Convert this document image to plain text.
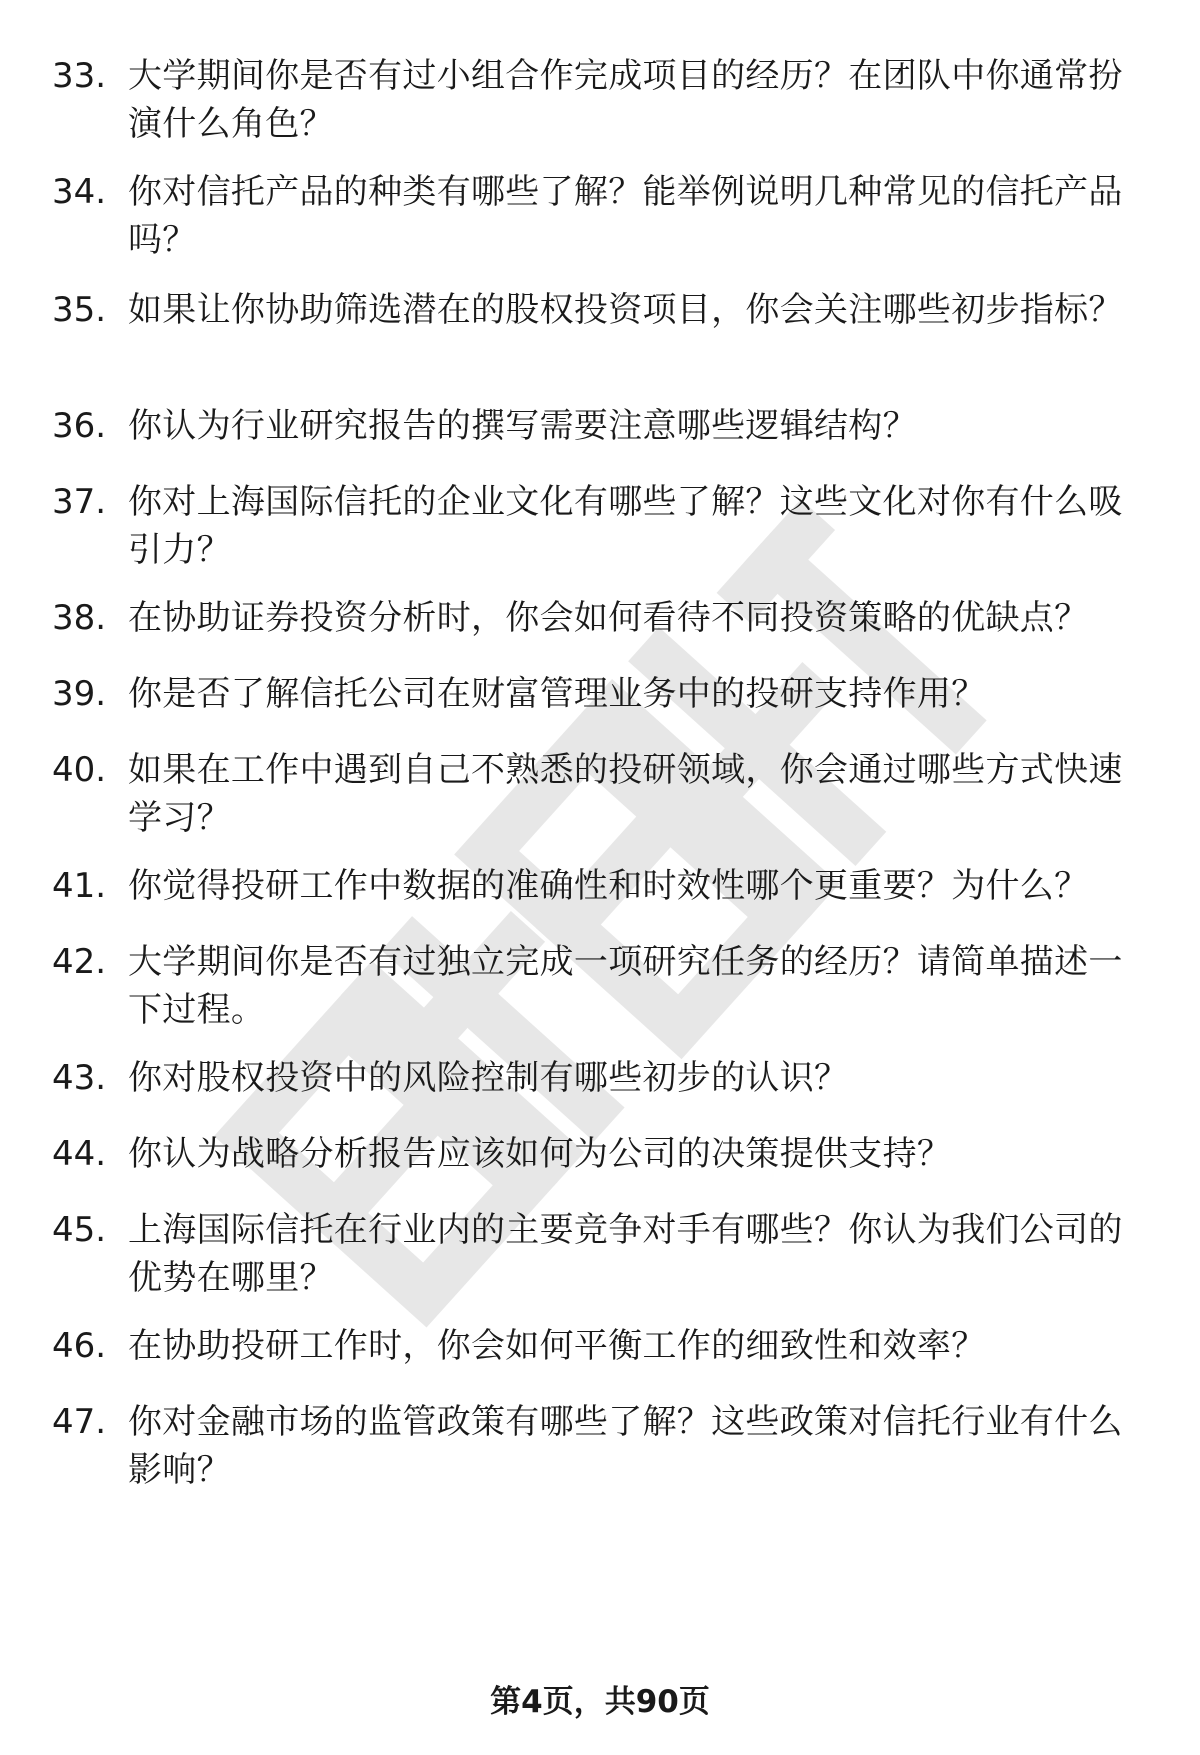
33. 大学期间你是否有过小组合作完成项目的经历？在团队中你通常扮演什么角色？
34. 你对信托产品的种类有哪些了解？能举例说明几种常见的信托产品吗？
35. 如果让你协助筛选潜在的股权投资项目，你会关注哪些初步指标？
36. 你认为行业研究报告的撰写需要注意哪些逻辑结构？
37. 你对上海国际信托的企业文化有哪些了解？这些文化对你有什么吸引力？
38. 在协助证券投资分析时，你会如何看待不同投资策略的优缺点？
39. 你是否了解信托公司在财富管理业务中的投研支持作用？
40. 如果在工作中遇到自己不熟悉的投研领域，你会通过哪些方式快速学习？
41. 你觉得投研工作中数据的准确性和时效性哪个更重要？为什么？
42. 大学期间你是否有过独立完成一项研究任务的经历？请简单描述一下过程。
43. 你对股权投资中的风险控制有哪些初步的认识？
44. 你认为战略分析报告应该如何为公司的决策提供支持？
45. 上海国际信托在行业内的主要竞争对手有哪些？你认为我们公司的优势在哪里？
46. 在协助投研工作时，你会如何平衡工作的细致性和效率？
47. 你对金融市场的监管政策有哪些了解？这些政策对信托行业有什么影响？
第4页，共90页
